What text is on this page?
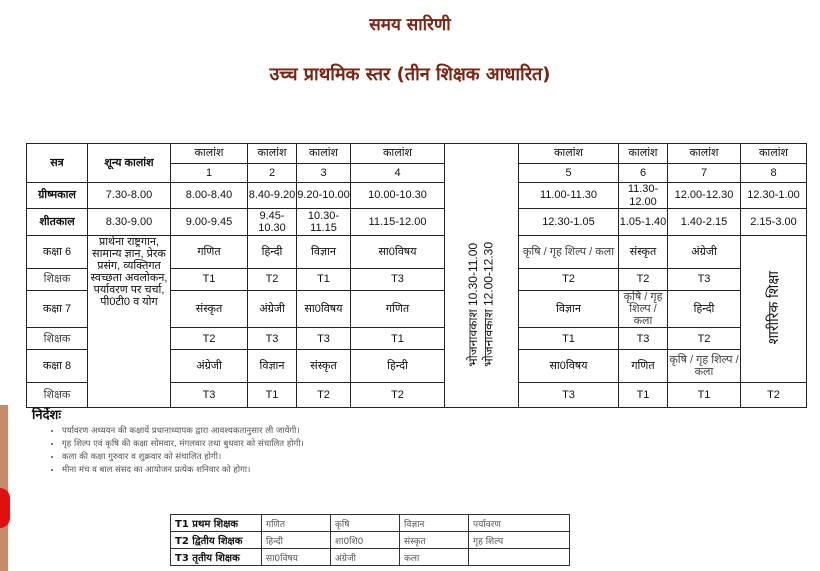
समय सारिणी
उच्च प्राथमिक स्तर (तीन शिक्षक आधारित)
सत्र	शून्य कालांश	कालांश	कालांश	कालांश	कालांश	भोजनावकाश 10.30-11.00 भोजनावकाश 12.00-12.30	कालांश	कालांश	कालांश	कालांश
		1	2	3	4		5	6	7	8
ग्रीष्मकाल	7.30-8.00	8.00-8.40	8.40-9.20	9.20-10.00	10.00-10.30		11.00-11.30	11.30-12.00	12.00-12.30	12.30-1.00
शीतकाल	8.30-9.00	9.00-9.45	9.45-10.30	10.30-11.15	11.15-12.00		12.30-1.05	1.05-1.40	1.40-2.15	2.15-3.00
कक्षा 6	प्रार्थना राष्ट्रगान, सामान्य ज्ञान, प्रेरक प्रसंग, व्यक्तिगत स्वच्छता अवलोकन, पर्यावरण पर चर्चा, पी0टी0 व योग	गणित	हिन्दी	विज्ञान	सा0विषय		कृषि / गृह शिल्प / कला	संस्कृत	अंग्रेजी	शारीरिक शिक्षा
शिक्षक		T1	T2	T1	T3		T2	T2	T3	
कक्षा 7		संस्कृत	अंग्रेजी	सा0विषय	गणित		विज्ञान	कृषि / गृह शिल्प / कला	हिन्दी	
शिक्षक		T2	T3	T3	T1		T1	T3	T2	
कक्षा 8		अंग्रेजी	विज्ञान	संस्कृत	हिन्दी		सा0विषय	गणित	कृषि / गृह शिल्प / कला	
शिक्षक		T3	T1	T2	T2		T3	T1	T1	T2
निर्देशः
• पर्यावरण अध्ययन की कक्षायें प्रधानाध्यापक द्वारा आवश्यकतानुसार ली जायेंगी।
• गृह शिल्प एवं कृषि की कक्षा सोमवार, मंगलवार तथा बुधवार को संचालित होगी।
• कला की कक्षा गुरुवार व शुक्रवार को संचालित होगी।
• मीना मंच व बाल संसद का आयोजन प्रत्येक शनिवार को होगा।
T1 प्रथम शिक्षक	गणित	कृषि	विज्ञान	पर्यावरण
T2 द्वितीय शिक्षक	हिन्दी	शा0शि0	संस्कृत	गृह शिल्प
T3 तृतीय शिक्षक	सा0विषय	अंग्रेजी	कला	
